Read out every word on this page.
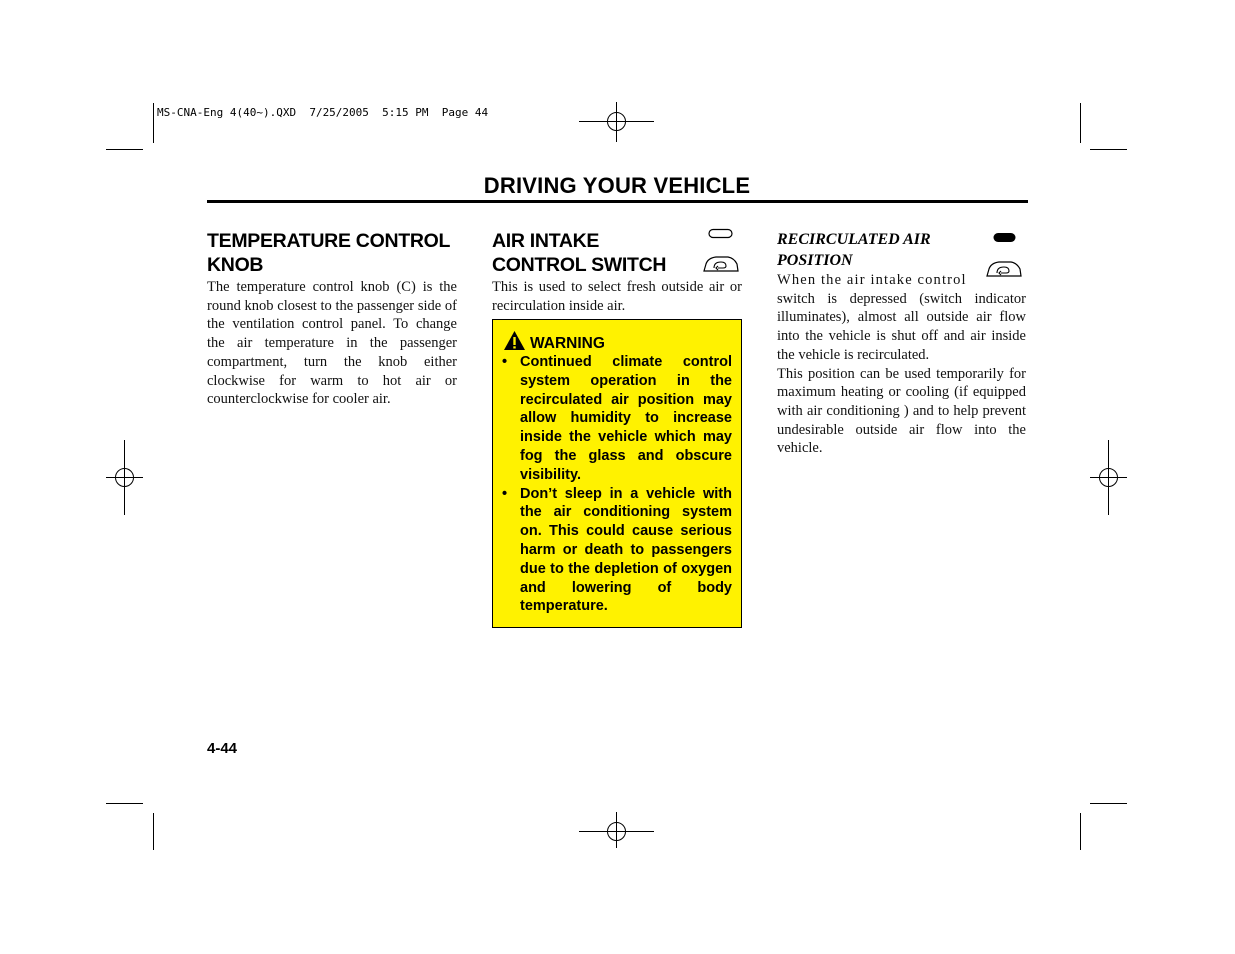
MS-CNA-Eng 4(40~).QXD  7/25/2005  5:15 PM  Page 44
DRIVING YOUR VEHICLE
TEMPERATURE CONTROL KNOB
The temperature control knob (C) is the round knob closest to the passenger side of the ventilation control panel. To change the air temperature in the passenger compartment, turn the knob either clockwise for warm to hot air or counterclockwise for cooler air.
AIR INTAKE
CONTROL SWITCH
This is used to select fresh outside air or recirculation inside air.
WARNING
• Continued climate control system operation in the recirculated air position may allow humidity to increase inside the vehicle which may fog the glass and obscure visibility.
• Don’t sleep in a vehicle with the air conditioning system on. This could cause serious harm or death to passengers due to the depletion of oxygen and lowering of body temperature.
RECIRCULATED AIR
POSITION
When the air intake control
switch is depressed (switch indicator illuminates), almost all outside air flow into the vehicle is shut off and air inside the vehicle is recirculated.
This position can be used temporarily for maximum heating or cooling (if equipped with air conditioning ) and to help prevent undesirable outside air flow into the vehicle.
4-44
